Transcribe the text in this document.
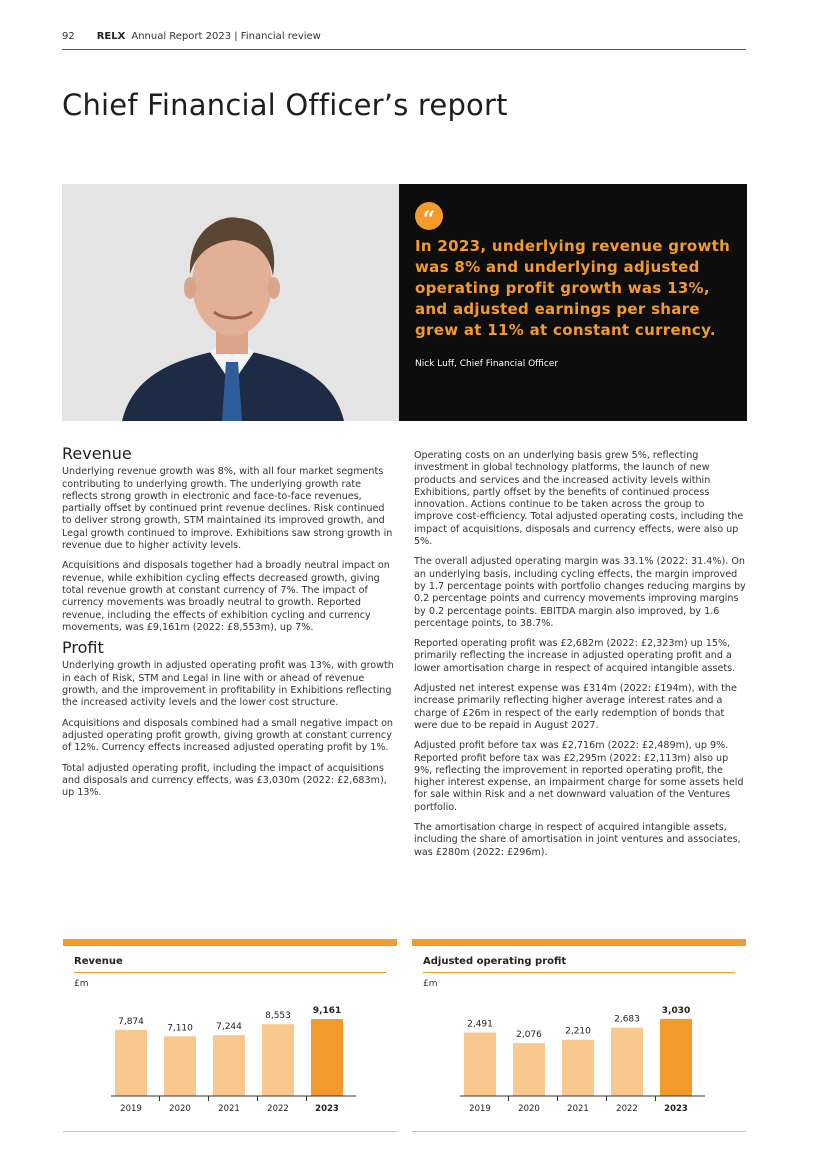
92 RELX Annual Report 2023 | Financial review
Chief Financial Officer’s report
“

In 2023, underlying revenue growth was 8% and underlying adjusted operating profit growth was 13%, and adjusted earnings per share grew at 11% at constant currency.

Nick Luff, Chief Financial Officer
Revenue

Underlying revenue growth was 8%, with all four market segments contributing to underlying growth. The underlying growth rate reflects strong growth in electronic and face-to-face revenues, partially offset by continued print revenue declines. Risk continued to deliver strong growth, STM maintained its improved growth, and Legal growth continued to improve. Exhibitions saw strong growth in revenue due to higher activity levels.

Acquisitions and disposals together had a broadly neutral impact on revenue, while exhibition cycling effects decreased growth, giving total revenue growth at constant currency of 7%. The impact of currency movements was broadly neutral to growth. Reported revenue, including the effects of exhibition cycling and currency movements, was £9,161m (2022: £8,553m), up 7%.

Profit

Underlying growth in adjusted operating profit was 13%, with growth in each of Risk, STM and Legal in line with or ahead of revenue growth, and the improvement in profitability in Exhibitions reflecting the increased activity levels and the lower cost structure.

Acquisitions and disposals combined had a small negative impact on adjusted operating profit growth, giving growth at constant currency of 12%. Currency effects increased adjusted operating profit by 1%.

Total adjusted operating profit, including the impact of acquisitions and disposals and currency effects, was £3,030m (2022: £2,683m), up 13%.

Operating costs on an underlying basis grew 5%, reflecting investment in global technology platforms, the launch of new products and services and the increased activity levels within Exhibitions, partly offset by the benefits of continued process innovation. Actions continue to be taken across the group to improve cost-efficiency. Total adjusted operating costs, including the impact of acquisitions, disposals and currency effects, were also up 5%.

The overall adjusted operating margin was 33.1% (2022: 31.4%). On an underlying basis, including cycling effects, the margin improved by 1.7 percentage points with portfolio changes reducing margins by 0.2 percentage points and currency movements improving margins by 0.2 percentage points. EBITDA margin also improved, by 1.6 percentage points, to 38.7%.

Reported operating profit was £2,682m (2022: £2,323m) up 15%, primarily reflecting the increase in adjusted operating profit and a lower amortisation charge in respect of acquired intangible assets.

Adjusted net interest expense was £314m (2022: £194m), with the increase primarily reflecting higher average interest rates and a charge of £26m in respect of the early redemption of bonds that were due to be repaid in August 2027.

Adjusted profit before tax was £2,716m (2022: £2,489m), up 9%. Reported profit before tax was £2,295m (2022: £2,113m) also up 9%, reflecting the improvement in reported operating profit, the higher interest expense, an impairment charge for some assets held for sale within Risk and a net downward valuation of the Ventures portfolio.

The amortisation charge in respect of acquired intangible assets, including the share of amortisation in joint ventures and associates, was £280m (2022: £296m).

7,874
2019
7,110
2020
7,244
2021
8,553
2022
9,161
2023
Revenue
£m
2,491
2019
2,076
2020
2,210
2021
2,683
2022
3,030
2023
Adjusted operating profit
£m
